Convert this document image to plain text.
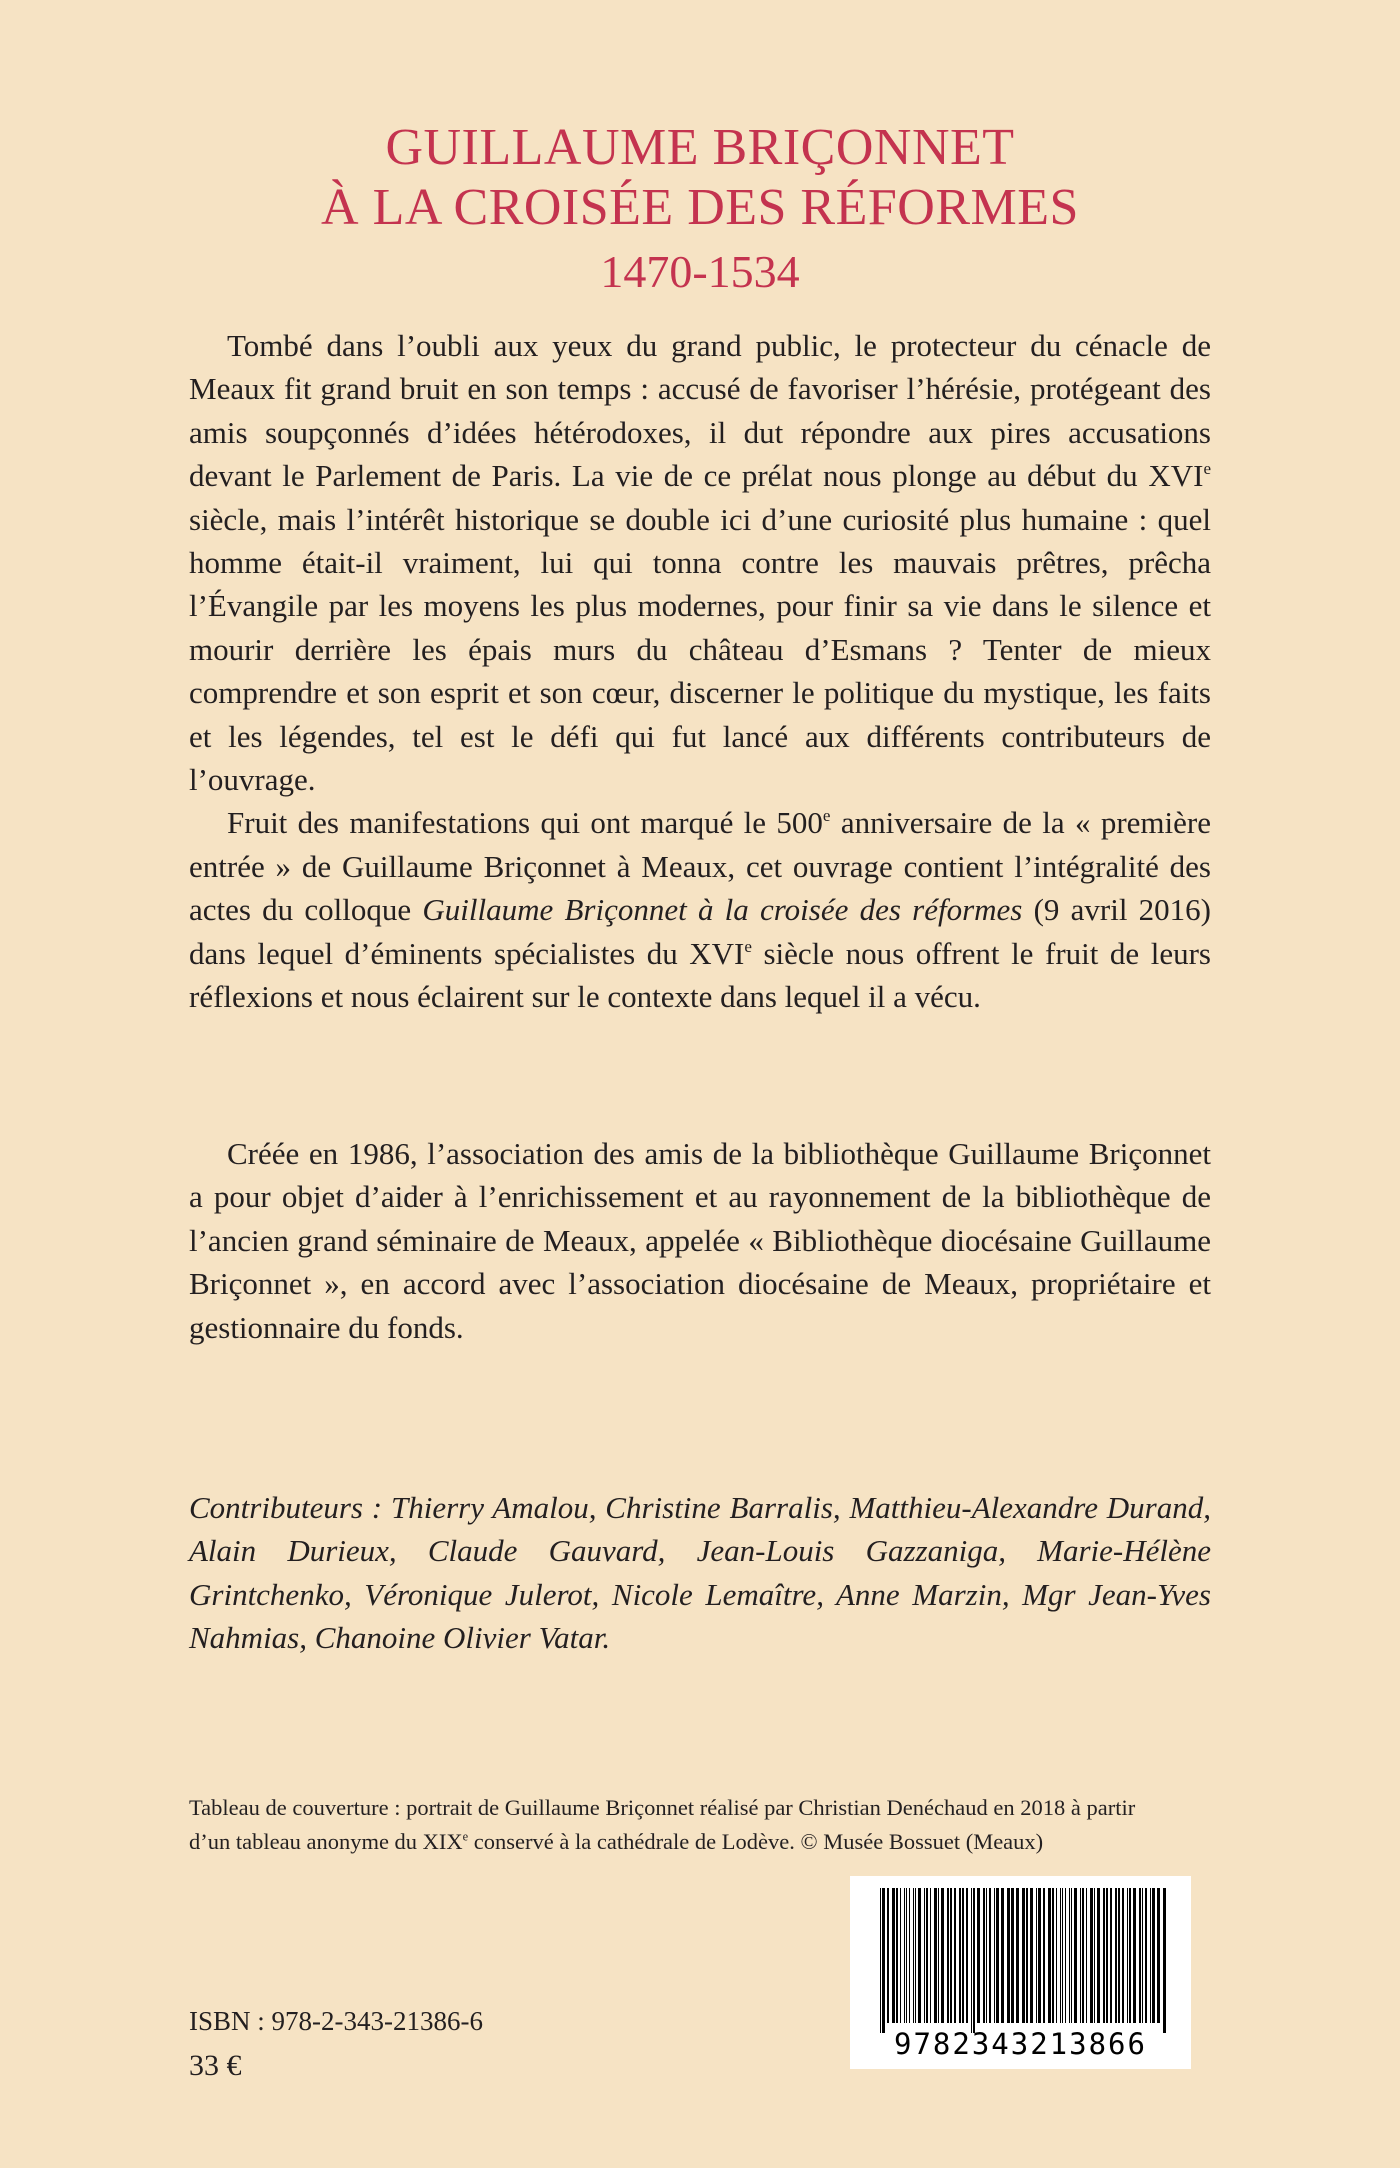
GUILLAUME BRIÇONNET
À LA CROISÉE DES RÉFORMES
1470-1534

Tombé dans l’oubli aux yeux du grand public, le protecteur du cénacle de Meaux fit grand bruit en son temps : accusé de favoriser l’hérésie, protégeant des amis soupçonnés d’idées hétérodoxes, il dut répondre aux pires accusations devant le Parlement de Paris. La vie de ce prélat nous plonge au début du XVIe siècle, mais l’intérêt historique se double ici d’une curiosité plus humaine : quel homme était-il vraiment, lui qui tonna contre les mauvais prêtres, prêcha l’Évangile par les moyens les plus modernes, pour finir sa vie dans le silence et mourir derrière les épais murs du château d’Esmans ? Tenter de mieux comprendre et son esprit et son cœur, discerner le politique du mystique, les faits et les légendes, tel est le défi qui fut lancé aux différents contributeurs de l’ouvrage.

Fruit des manifestations qui ont marqué le 500e anniversaire de la « première entrée » de Guillaume Briçonnet à Meaux, cet ouvrage contient l’intégralité des actes du colloque Guillaume Briçonnet à la croisée des réformes (9 avril 2016) dans lequel d’éminents spécialistes du XVIe siècle nous offrent le fruit de leurs réflexions et nous éclairent sur le contexte dans lequel il a vécu.

Créée en 1986, l’association des amis de la bibliothèque Guillaume Briçonnet a pour objet d’aider à l’enrichissement et au rayonnement de la bibliothèque de l’ancien grand séminaire de Meaux, appelée « Bibliothèque diocésaine Guillaume Briçonnet », en accord avec l’association diocésaine de Meaux, propriétaire et gestionnaire du fonds.

Contributeurs : Thierry Amalou, Christine Barralis, Matthieu-Alexandre Durand, Alain Durieux, Claude Gauvard, Jean-Louis Gazzaniga, Marie-Hélène Grintchenko, Véronique Julerot, Nicole Lemaître, Anne Marzin, Mgr Jean-Yves Nahmias, Chanoine Olivier Vatar.

Tableau de couverture : portrait de Guillaume Briçonnet réalisé par Christian Denéchaud en 2018 à partir
d’un tableau anonyme du XIXe conservé à la cathédrale de Lodève. © Musée Bossuet (Meaux)
9782343213866
ISBN : 978-2-343-21386-6
33 €
